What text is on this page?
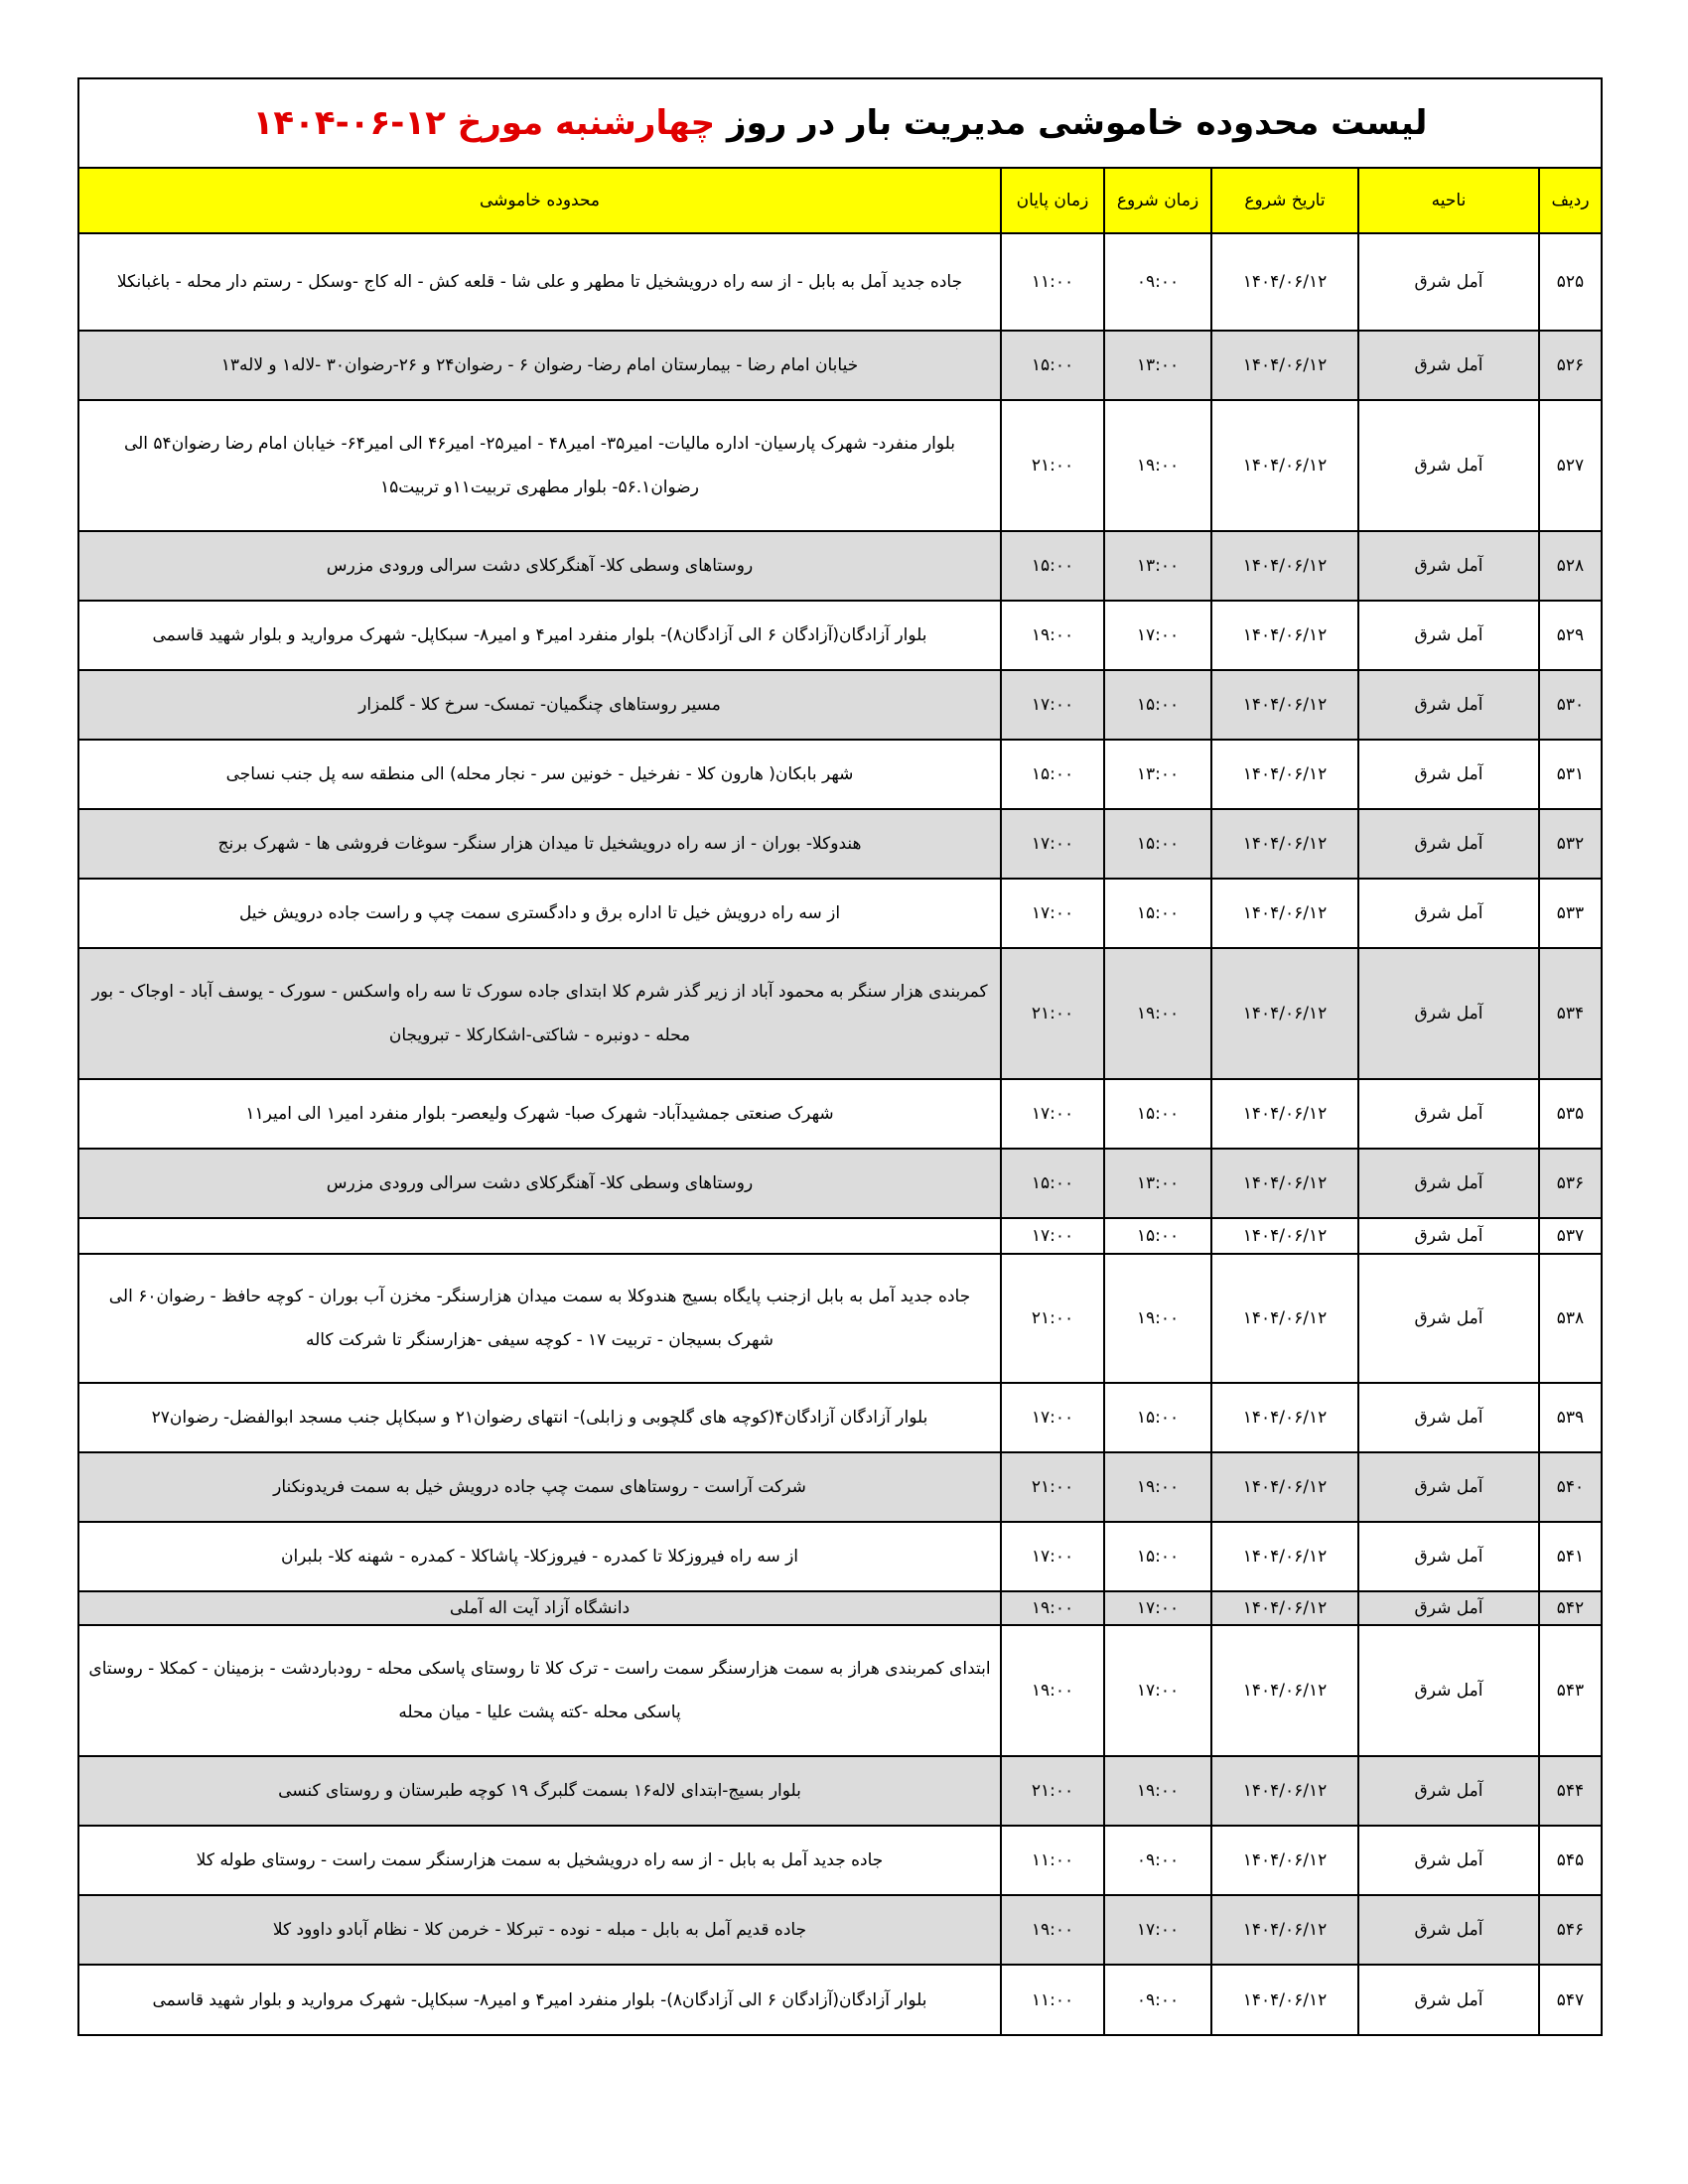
لیست محدوده خاموشی مدیریت بار در روز چهارشنبه مورخ ۱۲-۰۶-۱۴۰۴
ردیف	ناحیه	تاریخ شروع	زمان شروع	زمان پایان	محدوده خاموشی
۵۲۵	آمل شرق	۱۴۰۴/۰۶/۱۲	۰۹:۰۰	۱۱:۰۰	جاده جدید آمل به بابل - از سه راه درویشخیل تا مطهر و علی شا - قلعه کش - اله کاج -وسکل - رستم دار محله - باغبانکلا
۵۲۶	آمل شرق	۱۴۰۴/۰۶/۱۲	۱۳:۰۰	۱۵:۰۰	خیابان امام رضا - بیمارستان امام رضا- رضوان ۶ - رضوان۲۴ و ۲۶-رضوان۳۰ -لاله۱ و لاله۱۳
۵۲۷	آمل شرق	۱۴۰۴/۰۶/۱۲	۱۹:۰۰	۲۱:۰۰	بلوار منفرد- شهرک پارسیان- اداره مالیات- امیر۳۵- امیر۴۸ - امیر۲۵- امیر۴۶ الی امیر۶۴- خیابان امام رضا رضوان۵۴ الی رضوان۵۶.۱- بلوار مطهری تربیت۱۱و تربیت۱۵
۵۲۸	آمل شرق	۱۴۰۴/۰۶/۱۲	۱۳:۰۰	۱۵:۰۰	روستاهای وسطی کلا- آهنگرکلای دشت سرالی ورودی مزرس
۵۲۹	آمل شرق	۱۴۰۴/۰۶/۱۲	۱۷:۰۰	۱۹:۰۰	بلوار آزادگان(آزادگان ۶ الی آزادگان۸)- بلوار منفرد امیر۴ و امیر۸- سبکاپل- شهرک مروارید و بلوار شهید قاسمی
۵۳۰	آمل شرق	۱۴۰۴/۰۶/۱۲	۱۵:۰۰	۱۷:۰۰	مسیر روستاهای چنگمیان- تمسک- سرخ کلا - گلمزار
۵۳۱	آمل شرق	۱۴۰۴/۰۶/۱۲	۱۳:۰۰	۱۵:۰۰	شهر بابکان( هارون کلا - نفرخیل - خونین سر - نجار محله) الی منطقه سه پل جنب نساجی
۵۳۲	آمل شرق	۱۴۰۴/۰۶/۱۲	۱۵:۰۰	۱۷:۰۰	هندوکلا- بوران - از سه راه درویشخیل تا میدان هزار سنگر- سوغات فروشی ها - شهرک برنج
۵۳۳	آمل شرق	۱۴۰۴/۰۶/۱۲	۱۵:۰۰	۱۷:۰۰	از سه راه درویش خیل تا اداره برق و دادگستری سمت چپ و راست جاده درویش خیل
۵۳۴	آمل شرق	۱۴۰۴/۰۶/۱۲	۱۹:۰۰	۲۱:۰۰	کمربندی هزار سنگر به محمود آباد از زیر گذر شرم کلا ابتدای جاده سورک تا سه راه واسکس - سورک - یوسف آباد - اوجاک - بور محله - دونبره - شاکتی-اشکارکلا - تبرویجان
۵۳۵	آمل شرق	۱۴۰۴/۰۶/۱۲	۱۵:۰۰	۱۷:۰۰	شهرک صنعتی جمشیدآباد- شهرک صبا- شهرک ولیعصر- بلوار منفرد امیر۱ الی امیر۱۱
۵۳۶	آمل شرق	۱۴۰۴/۰۶/۱۲	۱۳:۰۰	۱۵:۰۰	روستاهای وسطی کلا- آهنگرکلای دشت سرالی ورودی مزرس
۵۳۷	آمل شرق	۱۴۰۴/۰۶/۱۲	۱۵:۰۰	۱۷:۰۰	
۵۳۸	آمل شرق	۱۴۰۴/۰۶/۱۲	۱۹:۰۰	۲۱:۰۰	جاده جدید آمل به بابل ازجنب پایگاه بسیج هندوکلا به سمت میدان هزارسنگر- مخزن آب بوران - کوچه حافظ - رضوان۶۰ الی شهرک بسیجان - تربیت ۱۷ - کوچه سیفی -هزارسنگر تا شرکت کاله
۵۳۹	آمل شرق	۱۴۰۴/۰۶/۱۲	۱۵:۰۰	۱۷:۰۰	بلوار آزادگان آزادگان۴(کوچه های گلچوبی و زابلی)- انتهای رضوان۲۱ و سبکاپل جنب مسجد ابوالفضل- رضوان۲۷
۵۴۰	آمل شرق	۱۴۰۴/۰۶/۱۲	۱۹:۰۰	۲۱:۰۰	شرکت آراست - روستاهای سمت چپ جاده درویش خیل به سمت فریدونکنار
۵۴۱	آمل شرق	۱۴۰۴/۰۶/۱۲	۱۵:۰۰	۱۷:۰۰	از سه راه فیروزکلا تا کمدره - فیروزکلا- پاشاکلا - کمدره - شهنه کلا- بلبران
۵۴۲	آمل شرق	۱۴۰۴/۰۶/۱۲	۱۷:۰۰	۱۹:۰۰	دانشگاه آزاد آیت اله آملی
۵۴۳	آمل شرق	۱۴۰۴/۰۶/۱۲	۱۷:۰۰	۱۹:۰۰	ابتدای کمربندی هراز به سمت هزارسنگر سمت راست - ترک کلا تا روستای پاسکی محله - رودباردشت - بزمینان - کمکلا - روستای پاسکی محله -کته پشت علیا - میان محله
۵۴۴	آمل شرق	۱۴۰۴/۰۶/۱۲	۱۹:۰۰	۲۱:۰۰	بلوار بسیج-ابتدای لاله۱۶ بسمت گلبرگ ۱۹ کوچه طبرستان و روستای کنسی
۵۴۵	آمل شرق	۱۴۰۴/۰۶/۱۲	۰۹:۰۰	۱۱:۰۰	جاده جدید آمل به بابل - از سه راه درویشخیل به سمت هزارسنگر سمت راست - روستای طوله کلا
۵۴۶	آمل شرق	۱۴۰۴/۰۶/۱۲	۱۷:۰۰	۱۹:۰۰	جاده قدیم آمل به بابل - مبله - نوده - تبرکلا - خرمن کلا - نظام آبادو داوود کلا
۵۴۷	آمل شرق	۱۴۰۴/۰۶/۱۲	۰۹:۰۰	۱۱:۰۰	بلوار آزادگان(آزادگان ۶ الی آزادگان۸)- بلوار منفرد امیر۴ و امیر۸- سبکاپل- شهرک مروارید و بلوار شهید قاسمی
